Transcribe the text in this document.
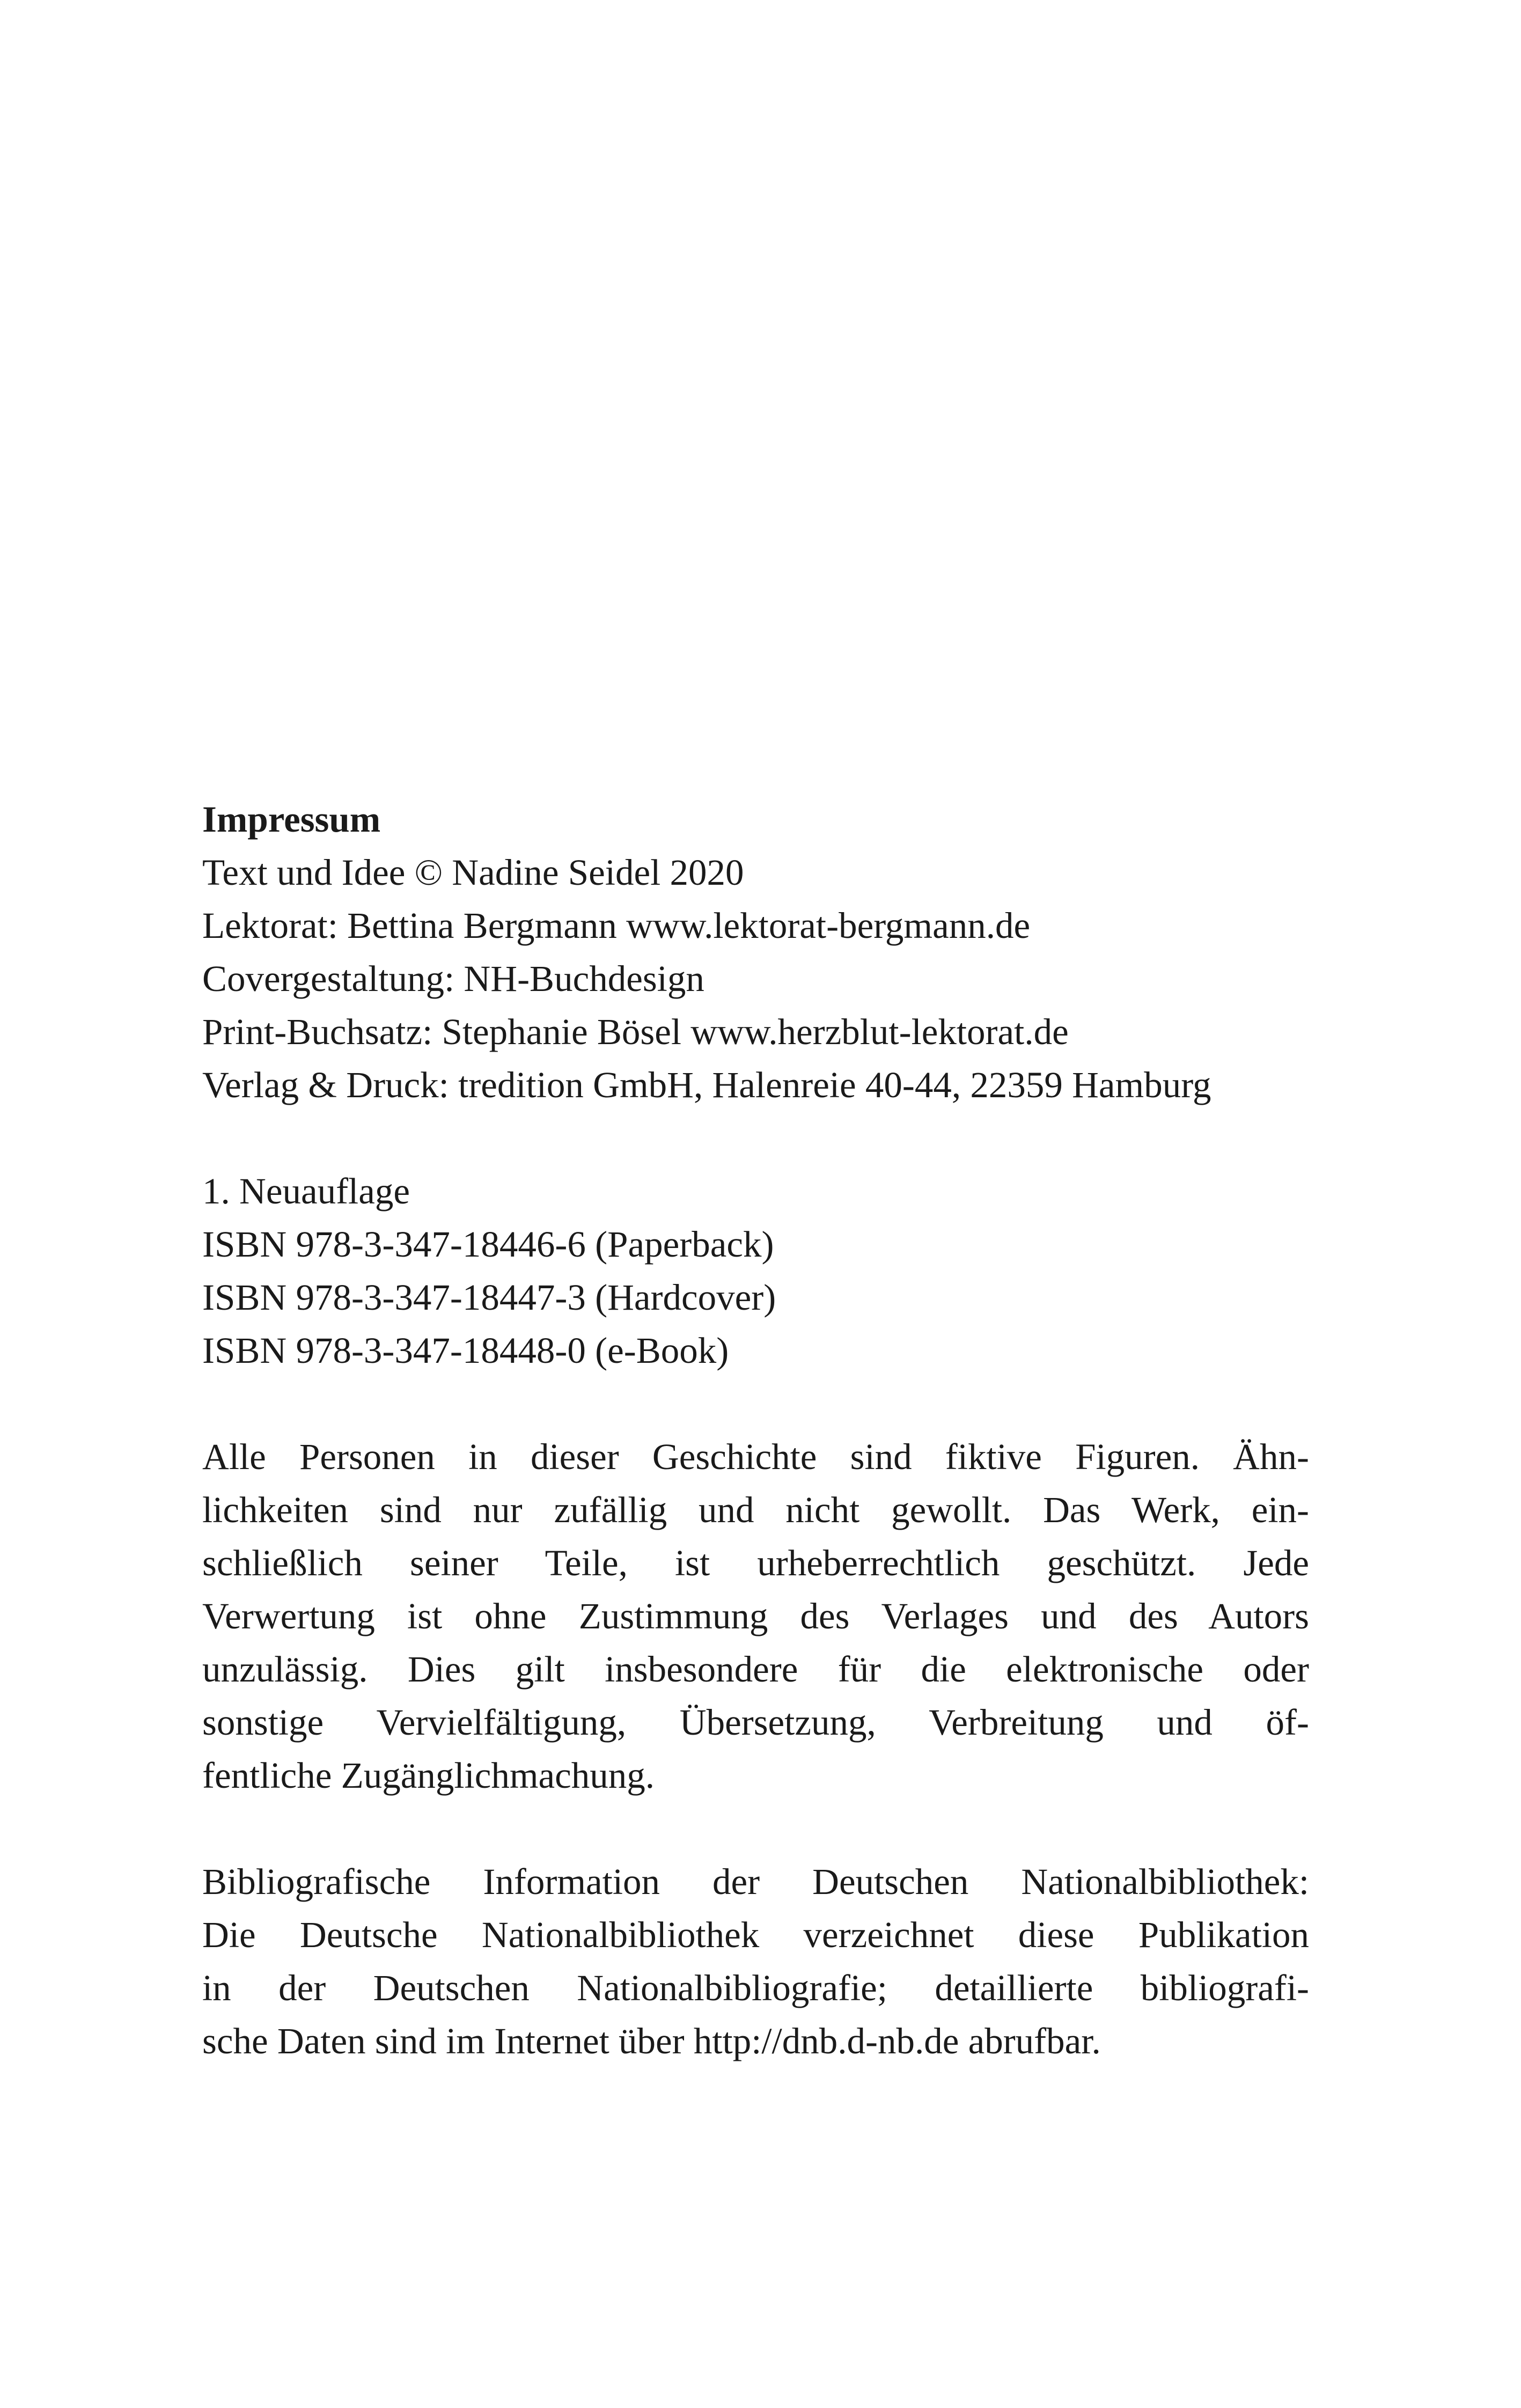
Impressum
Text und Idee © Nadine Seidel 2020
Lektorat: Bettina Bergmann www.lektorat-bergmann.de
Covergestaltung: NH-Buchdesign
Print-Buchsatz: Stephanie Bösel www.herzblut-lektorat.de
Verlag & Druck: tredition GmbH, Halenreie 40-44, 22359 Hamburg
1. Neuauflage
ISBN 978-3-347-18446-6 (Paperback)
ISBN 978-3-347-18447-3 (Hardcover)
ISBN 978-3-347-18448-0 (e-Book)
Alle Personen in dieser Geschichte sind fiktive Figuren. Ähn-
lichkeiten sind nur zufällig und nicht gewollt. Das Werk, ein-
schließlich seiner Teile, ist urheberrechtlich geschützt. Jede
Verwertung ist ohne Zustimmung des Verlages und des Autors
unzulässig. Dies gilt insbesondere für die elektronische oder
sonstige Vervielfältigung, Übersetzung, Verbreitung und öf-
fentliche Zugänglichmachung.
Bibliografische Information der Deutschen Nationalbibliothek:
Die Deutsche Nationalbibliothek verzeichnet diese Publikation
in der Deutschen Nationalbibliografie; detaillierte bibliografi-
sche Daten sind im Internet über http://dnb.d-nb.de abrufbar.
